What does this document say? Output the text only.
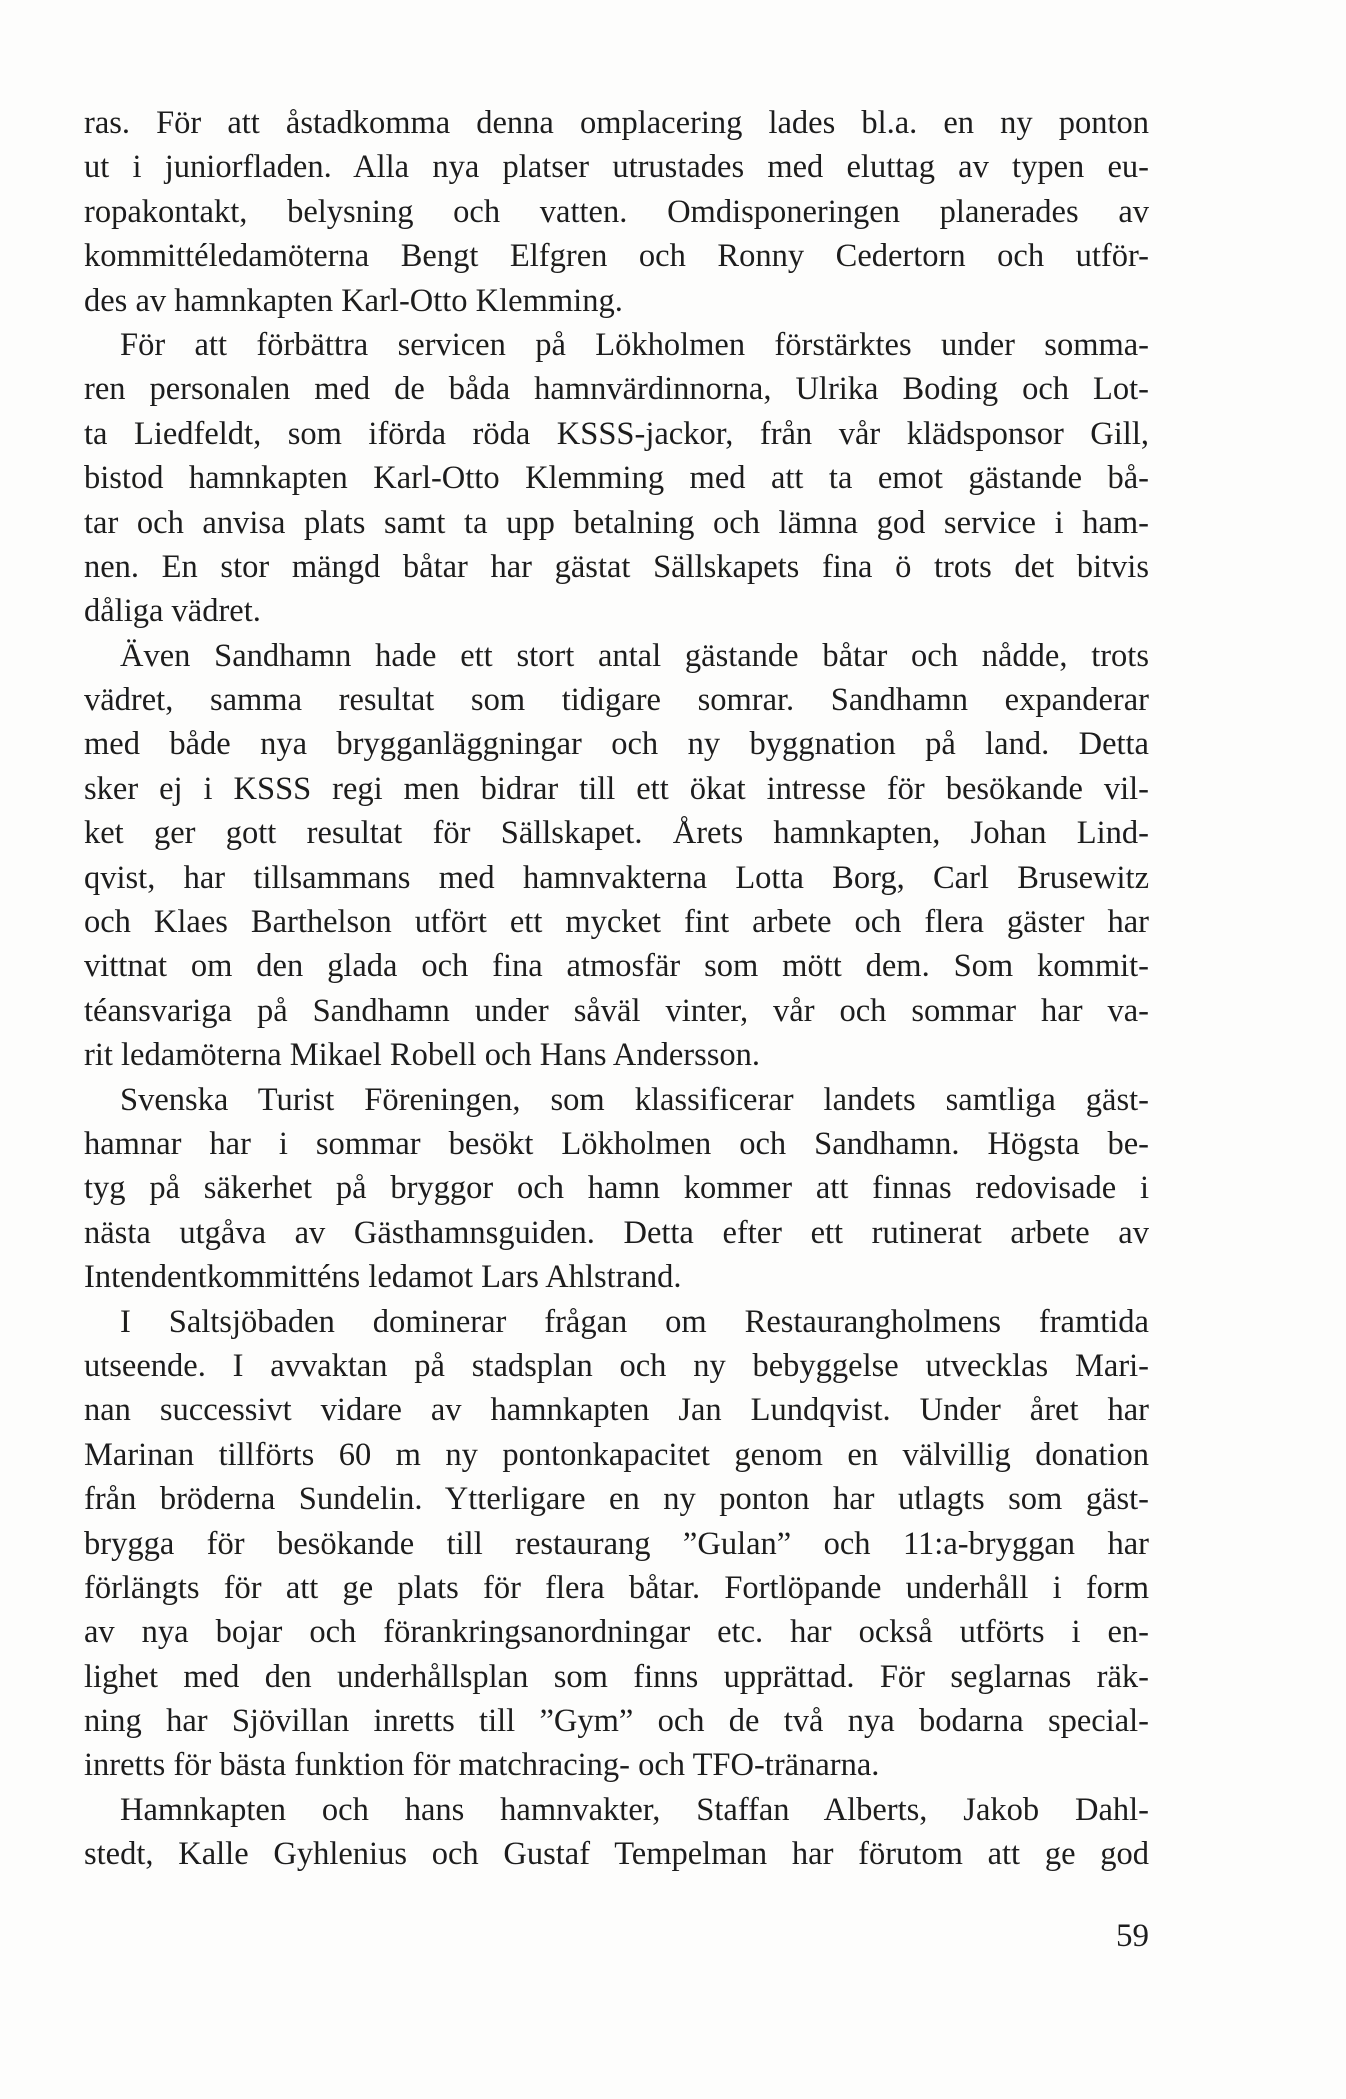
ras. För att åstadkomma denna omplacering lades bl.a. en ny ponton
ut i juniorfladen. Alla nya platser utrustades med eluttag av typen eu-
ropakontakt, belysning och vatten. Omdisponeringen planerades av
kommittéledamöterna Bengt Elfgren och Ronny Cedertorn och utför-
des av hamnkapten Karl-Otto Klemming.
För att förbättra servicen på Lökholmen förstärktes under somma-
ren personalen med de båda hamnvärdinnorna, Ulrika Boding och Lot-
ta Liedfeldt, som iförda röda KSSS-jackor, från vår klädsponsor Gill,
bistod hamnkapten Karl-Otto Klemming med att ta emot gästande bå-
tar och anvisa plats samt ta upp betalning och lämna god service i ham-
nen. En stor mängd båtar har gästat Sällskapets fina ö trots det bitvis
dåliga vädret.
Även Sandhamn hade ett stort antal gästande båtar och nådde, trots
vädret, samma resultat som tidigare somrar. Sandhamn expanderar
med både nya brygganläggningar och ny byggnation på land. Detta
sker ej i KSSS regi men bidrar till ett ökat intresse för besökande vil-
ket ger gott resultat för Sällskapet. Årets hamnkapten, Johan Lind-
qvist, har tillsammans med hamnvakterna Lotta Borg, Carl Brusewitz
och Klaes Barthelson utfört ett mycket fint arbete och flera gäster har
vittnat om den glada och fina atmosfär som mött dem. Som kommit-
téansvariga på Sandhamn under såväl vinter, vår och sommar har va-
rit ledamöterna Mikael Robell och Hans Andersson.
Svenska Turist Föreningen, som klassificerar landets samtliga gäst-
hamnar har i sommar besökt Lökholmen och Sandhamn. Högsta be-
tyg på säkerhet på bryggor och hamn kommer att finnas redovisade i
nästa utgåva av Gästhamnsguiden. Detta efter ett rutinerat arbete av
Intendentkommitténs ledamot Lars Ahlstrand.
I Saltsjöbaden dominerar frågan om Restaurangholmens framtida
utseende. I avvaktan på stadsplan och ny bebyggelse utvecklas Mari-
nan successivt vidare av hamnkapten Jan Lundqvist. Under året har
Marinan tillförts 60 m ny pontonkapacitet genom en välvillig donation
från bröderna Sundelin. Ytterligare en ny ponton har utlagts som gäst-
brygga för besökande till restaurang ”Gulan” och 11:a-bryggan har
förlängts för att ge plats för flera båtar. Fortlöpande underhåll i form
av nya bojar och förankringsanordningar etc. har också utförts i en-
lighet med den underhållsplan som finns upprättad. För seglarnas räk-
ning har Sjövillan inretts till ”Gym” och de två nya bodarna special-
inretts för bästa funktion för matchracing- och TFO-tränarna.
Hamnkapten och hans hamnvakter, Staffan Alberts, Jakob Dahl-
stedt, Kalle Gyhlenius och Gustaf Tempelman har förutom att ge god
59
